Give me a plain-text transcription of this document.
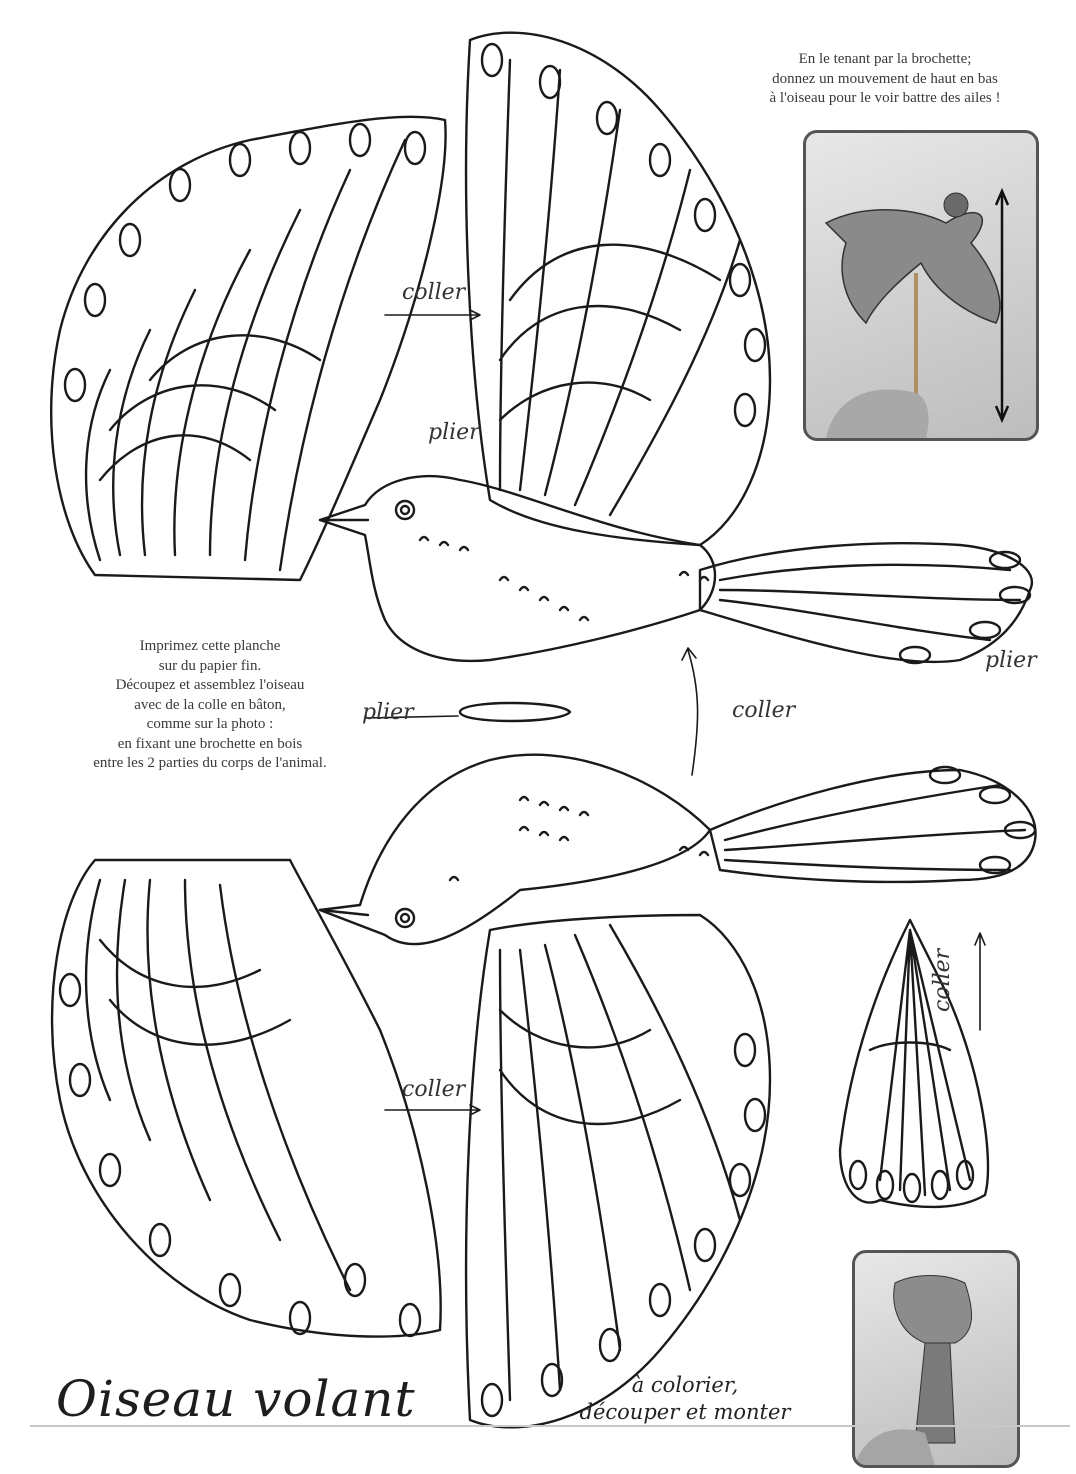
En le tenant par la brochette;
donnez un mouvement de haut en bas
à l'oiseau pour le voir battre des ailes !
coller
plier
plier
plier	coller
coller
coller
Imprimez cette planche
sur du papier fin.
Découpez et assemblez l'oiseau
avec de la colle en bâton,
comme sur la photo :
en fixant une brochette en bois
entre les 2 parties du corps de l'animal.
Oiseau volant	à colorier,
découper et monter
